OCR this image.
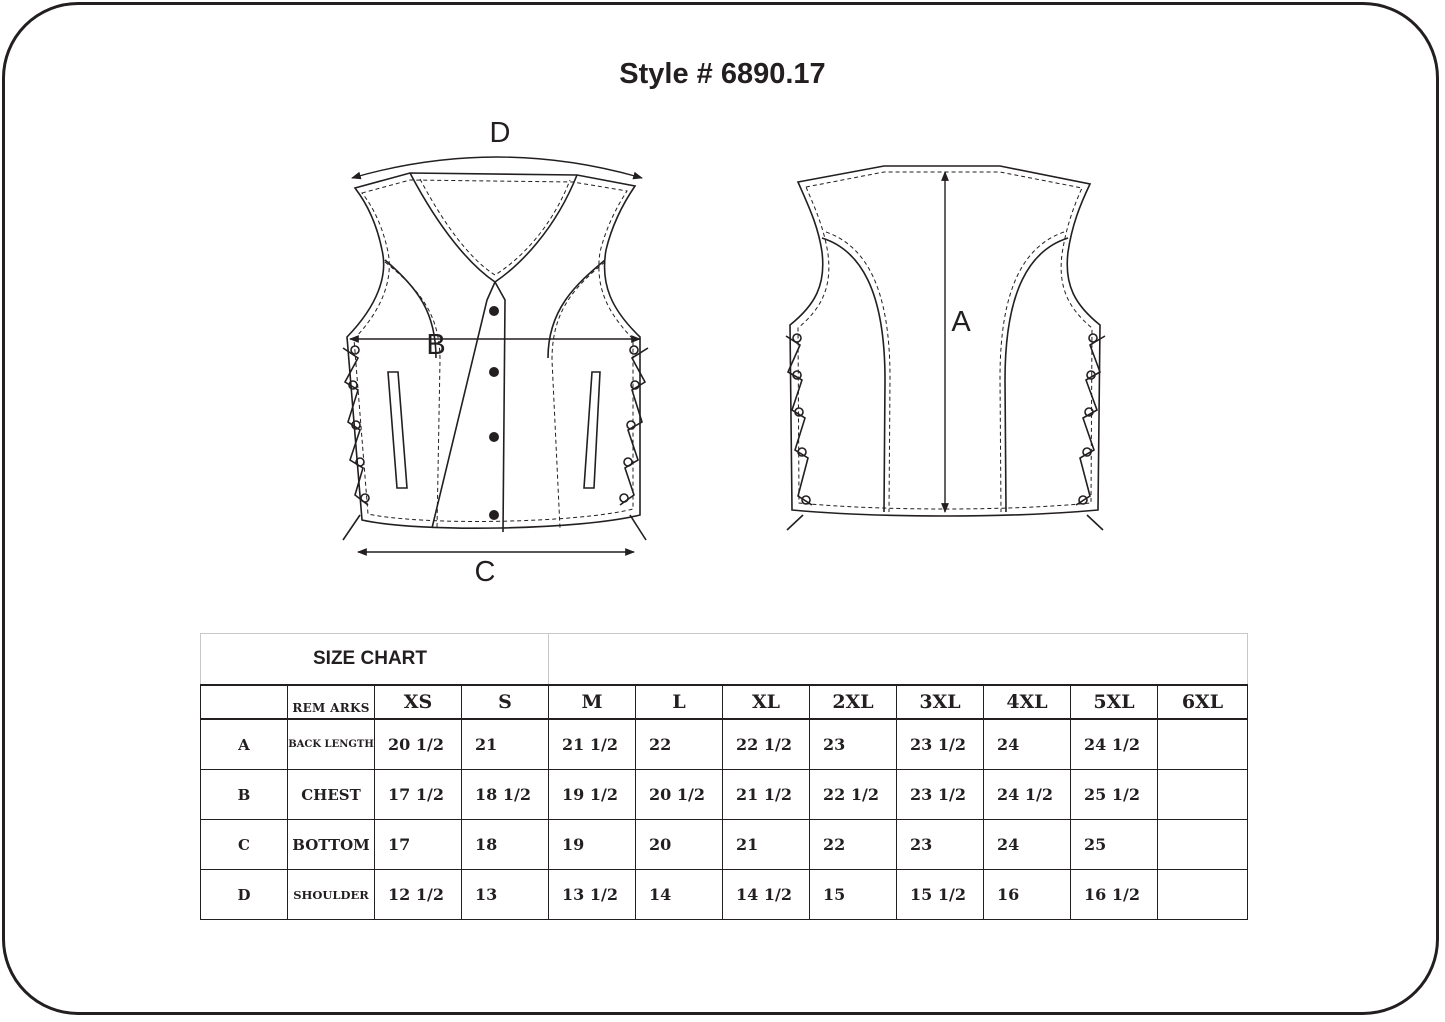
Style # 6890.17
D
B
C
A
SIZE CHART											
	REM ARKS	XS	S	M	L	XL	2XL	3XL	4XL	5XL	6XL
A	BACK LENGTH	20 1/2	21	21 1/2	22	22 1/2	23	23 1/2	24	24 1/2	
B	CHEST	17 1/2	18 1/2	19 1/2	20 1/2	21 1/2	22 1/2	23 1/2	24 1/2	25 1/2	
C	BOTTOM	17	18	19	20	21	22	23	24	25	
D	SHOULDER	12 1/2	13	13 1/2	14	14 1/2	15	15 1/2	16	16 1/2	
